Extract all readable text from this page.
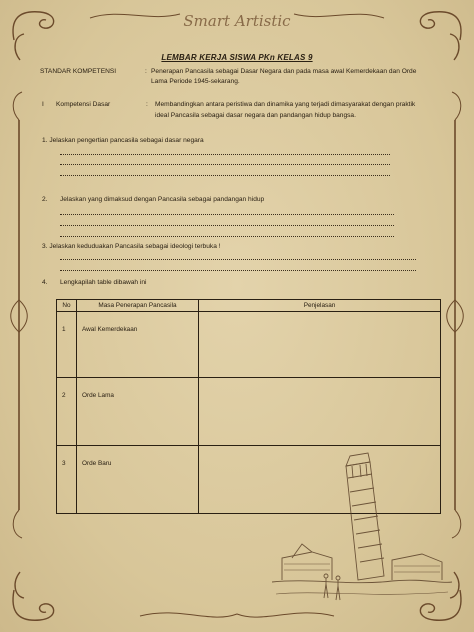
Smart Artistic
LEMBAR KERJA SISWA PKn KELAS 9
STANDAR KOMPETENSI	: Penerapan Pancasila sebagai Dasar Negara dan pada masa awal Kemerdekaan dan Orde
Lama Periode 1945-sekarang.
I Kompetensi Dasar	: Membandingkan antara peristiwa dan dinamika yang terjadi dimasyarakat dengan praktik
ideal Pancasila sebagai dasar negara dan pandangan hidup bangsa.
1. Jelaskan pengertian pancasila sebagai dasar negara
2. Jelaskan yang dimaksud dengan Pancasila sebagai pandangan hidup
3. Jelaskan keduduakan Pancasila sebagai ideologi terbuka !
4. Lengkapilah table dibawah ini
No	Masa Penerapan Pancasila	Penjelasan
1	Awal Kemerdekaan	
2	Orde Lama	
3	Orde Baru	
